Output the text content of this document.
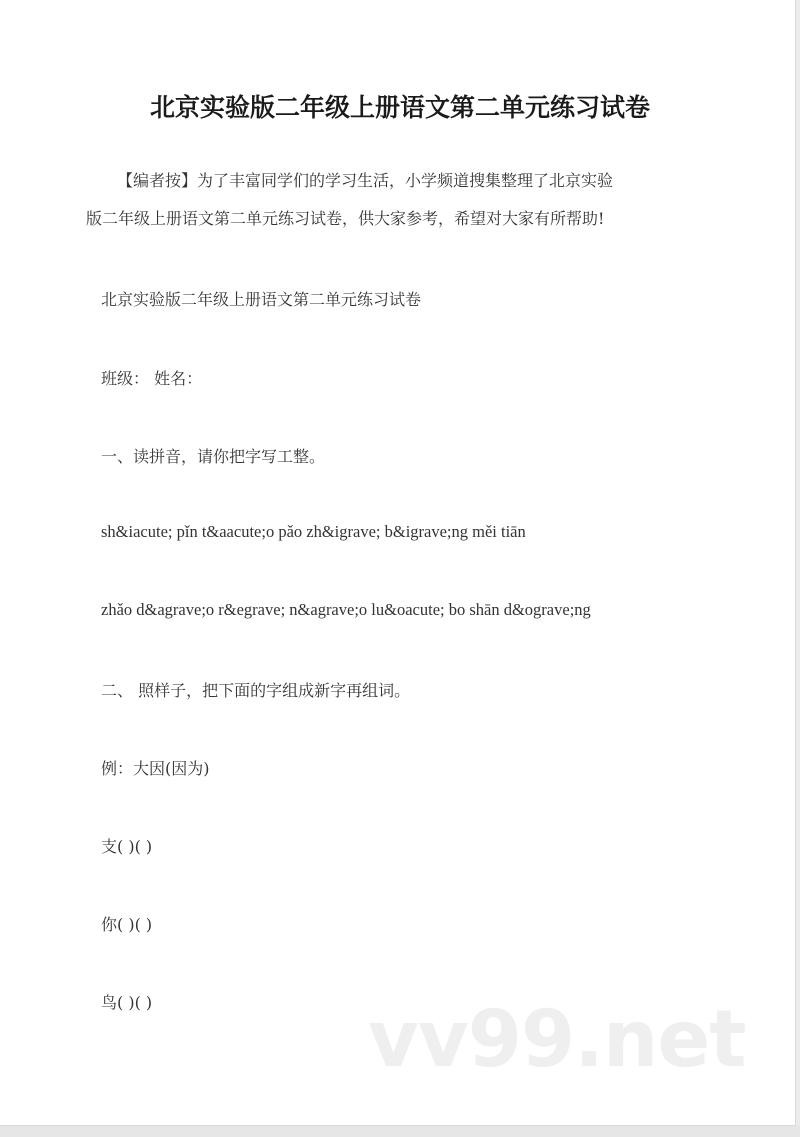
北京实验版二年级上册语文第二单元练习试卷
【编者按】为了丰富同学们的学习生活，小学频道搜集整理了北京实验
版二年级上册语文第二单元练习试卷，供大家参考，希望对大家有所帮助!
北京实验版二年级上册语文第二单元练习试卷
班级： 姓名：
一、读拼音，请你把字写工整。
sh&iacute; pǐn t&aacute;o pǎo zh&igrave; b&igrave;ng měi tiān
zhǎo d&agrave;o r&egrave; n&agrave;o lu&oacute; bo shān d&ograve;ng
二、 照样子，把下面的字组成新字再组词。
例：大因(因为)
支( )( )
你( )( )
鸟( )( )	vv99.net
